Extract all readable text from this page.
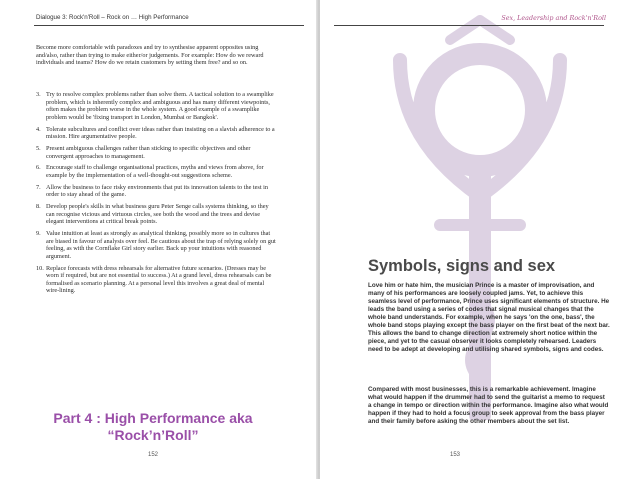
Dialogue 3: Rock'n'Roll – Rock on … High Performance

Become more comfortable with paradoxes and try to synthesise apparent opposites using and/also, rather than trying to make either/or judgements. For example: How do we reward individuals and teams? How do we retain customers by setting them free? and so on.

3. Try to resolve complex problems rather than solve them. A tactical solution to a swamplike problem, which is inherently complex and ambiguous and has many different viewpoints, often makes the problem worse in the whole system. A good example of a swamplike problem would be 'fixing transport in London, Mumbai or Bangkok'.
4. Tolerate subcultures and conflict over ideas rather than insisting on a slavish adherence to a mission. Hire argumentative people.
5. Present ambiguous challenges rather than sticking to specific objectives and other convergent approaches to management.
6. Encourage staff to challenge organisational practices, myths and views from above, for example by the implementation of a well-thought-out suggestions scheme.
7. Allow the business to face risky environments that put its innovation talents to the test in order to stay ahead of the game.
8. Develop people's skills in what business guru Peter Senge calls systems thinking, so they can recognise vicious and virtuous circles, see both the wood and the trees and devise elegant interventions at critical break points.
9. Value intuition at least as strongly as analytical thinking, possibly more so in cultures that are biased in favour of analysis over feel. Be cautious about the trap of relying solely on gut feeling, as with the Cornflake Girl story earlier. Back up your intuitions with reasoned argument.
10. Replace forecasts with dress rehearsals for alternative future scenarios. (Dresses may be worn if required, but are not essential to success.) At a grand level, dress rehearsals can be formalised as scenario planning. At a personal level this involves a great deal of mental wire-lining.
Part 4 : High Performance aka
“Rock’n’Roll”
152
Sex, Leadership and Rock'n'Roll
Symbols, signs and sex

Love him or hate him, the musician Prince is a master of improvisation, and many of his performances are loosely coupled jams. Yet, to achieve this seamless level of performance, Prince uses significant elements of structure. He leads the band using a series of codes that signal musical changes that the whole band understands. For example, when he says 'on the one, bass', the whole band stops playing except the bass player on the first beat of the next bar. This allows the band to change direction at extremely short notice within the piece, and yet to the casual observer it looks completely rehearsed. Leaders need to be adept at developing and utilising shared symbols, signs and codes.

Compared with most businesses, this is a remarkable achievement. Imagine what would happen if the drummer had to send the guitarist a memo to request a change in tempo or direction within the performance. Imagine also what would happen if they had to hold a focus group to seek approval from the bass player and their family before asking the other members about the set list.

153
